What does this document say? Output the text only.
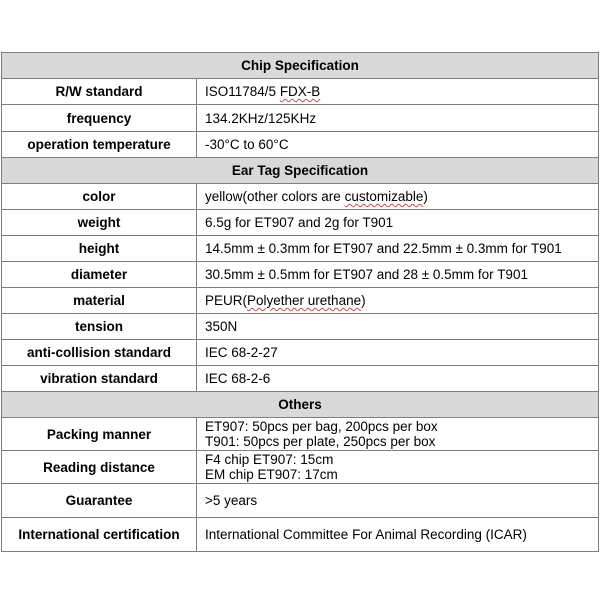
Chip Specification	
R/W standard	ISO11784/5 FDX-B
frequency	134.2KHz/125KHz
operation temperature	-30°C to 60°C
Ear Tag Specification	
color	yellow(other colors are customizable)
weight	6.5g for ET907 and 2g for T901
height	14.5mm ± 0.3mm for ET907 and 22.5mm ± 0.3mm for T901
diameter	30.5mm ± 0.5mm for ET907 and 28 ± 0.5mm for T901
material	PEUR(Polyether urethane)
tension	350N
anti-collision standard	IEC 68-2-27
vibration standard	IEC 68-2-6
Others	
Packing manner	ET907: 50pcs per bag, 200pcs per box
T901: 50pcs per plate, 250pcs per box

Reading distance	F4 chip ET907: 15cm
EM chip ET907: 17cm

Guarantee	>5 years
International certification	International Committee For Animal Recording (ICAR)
